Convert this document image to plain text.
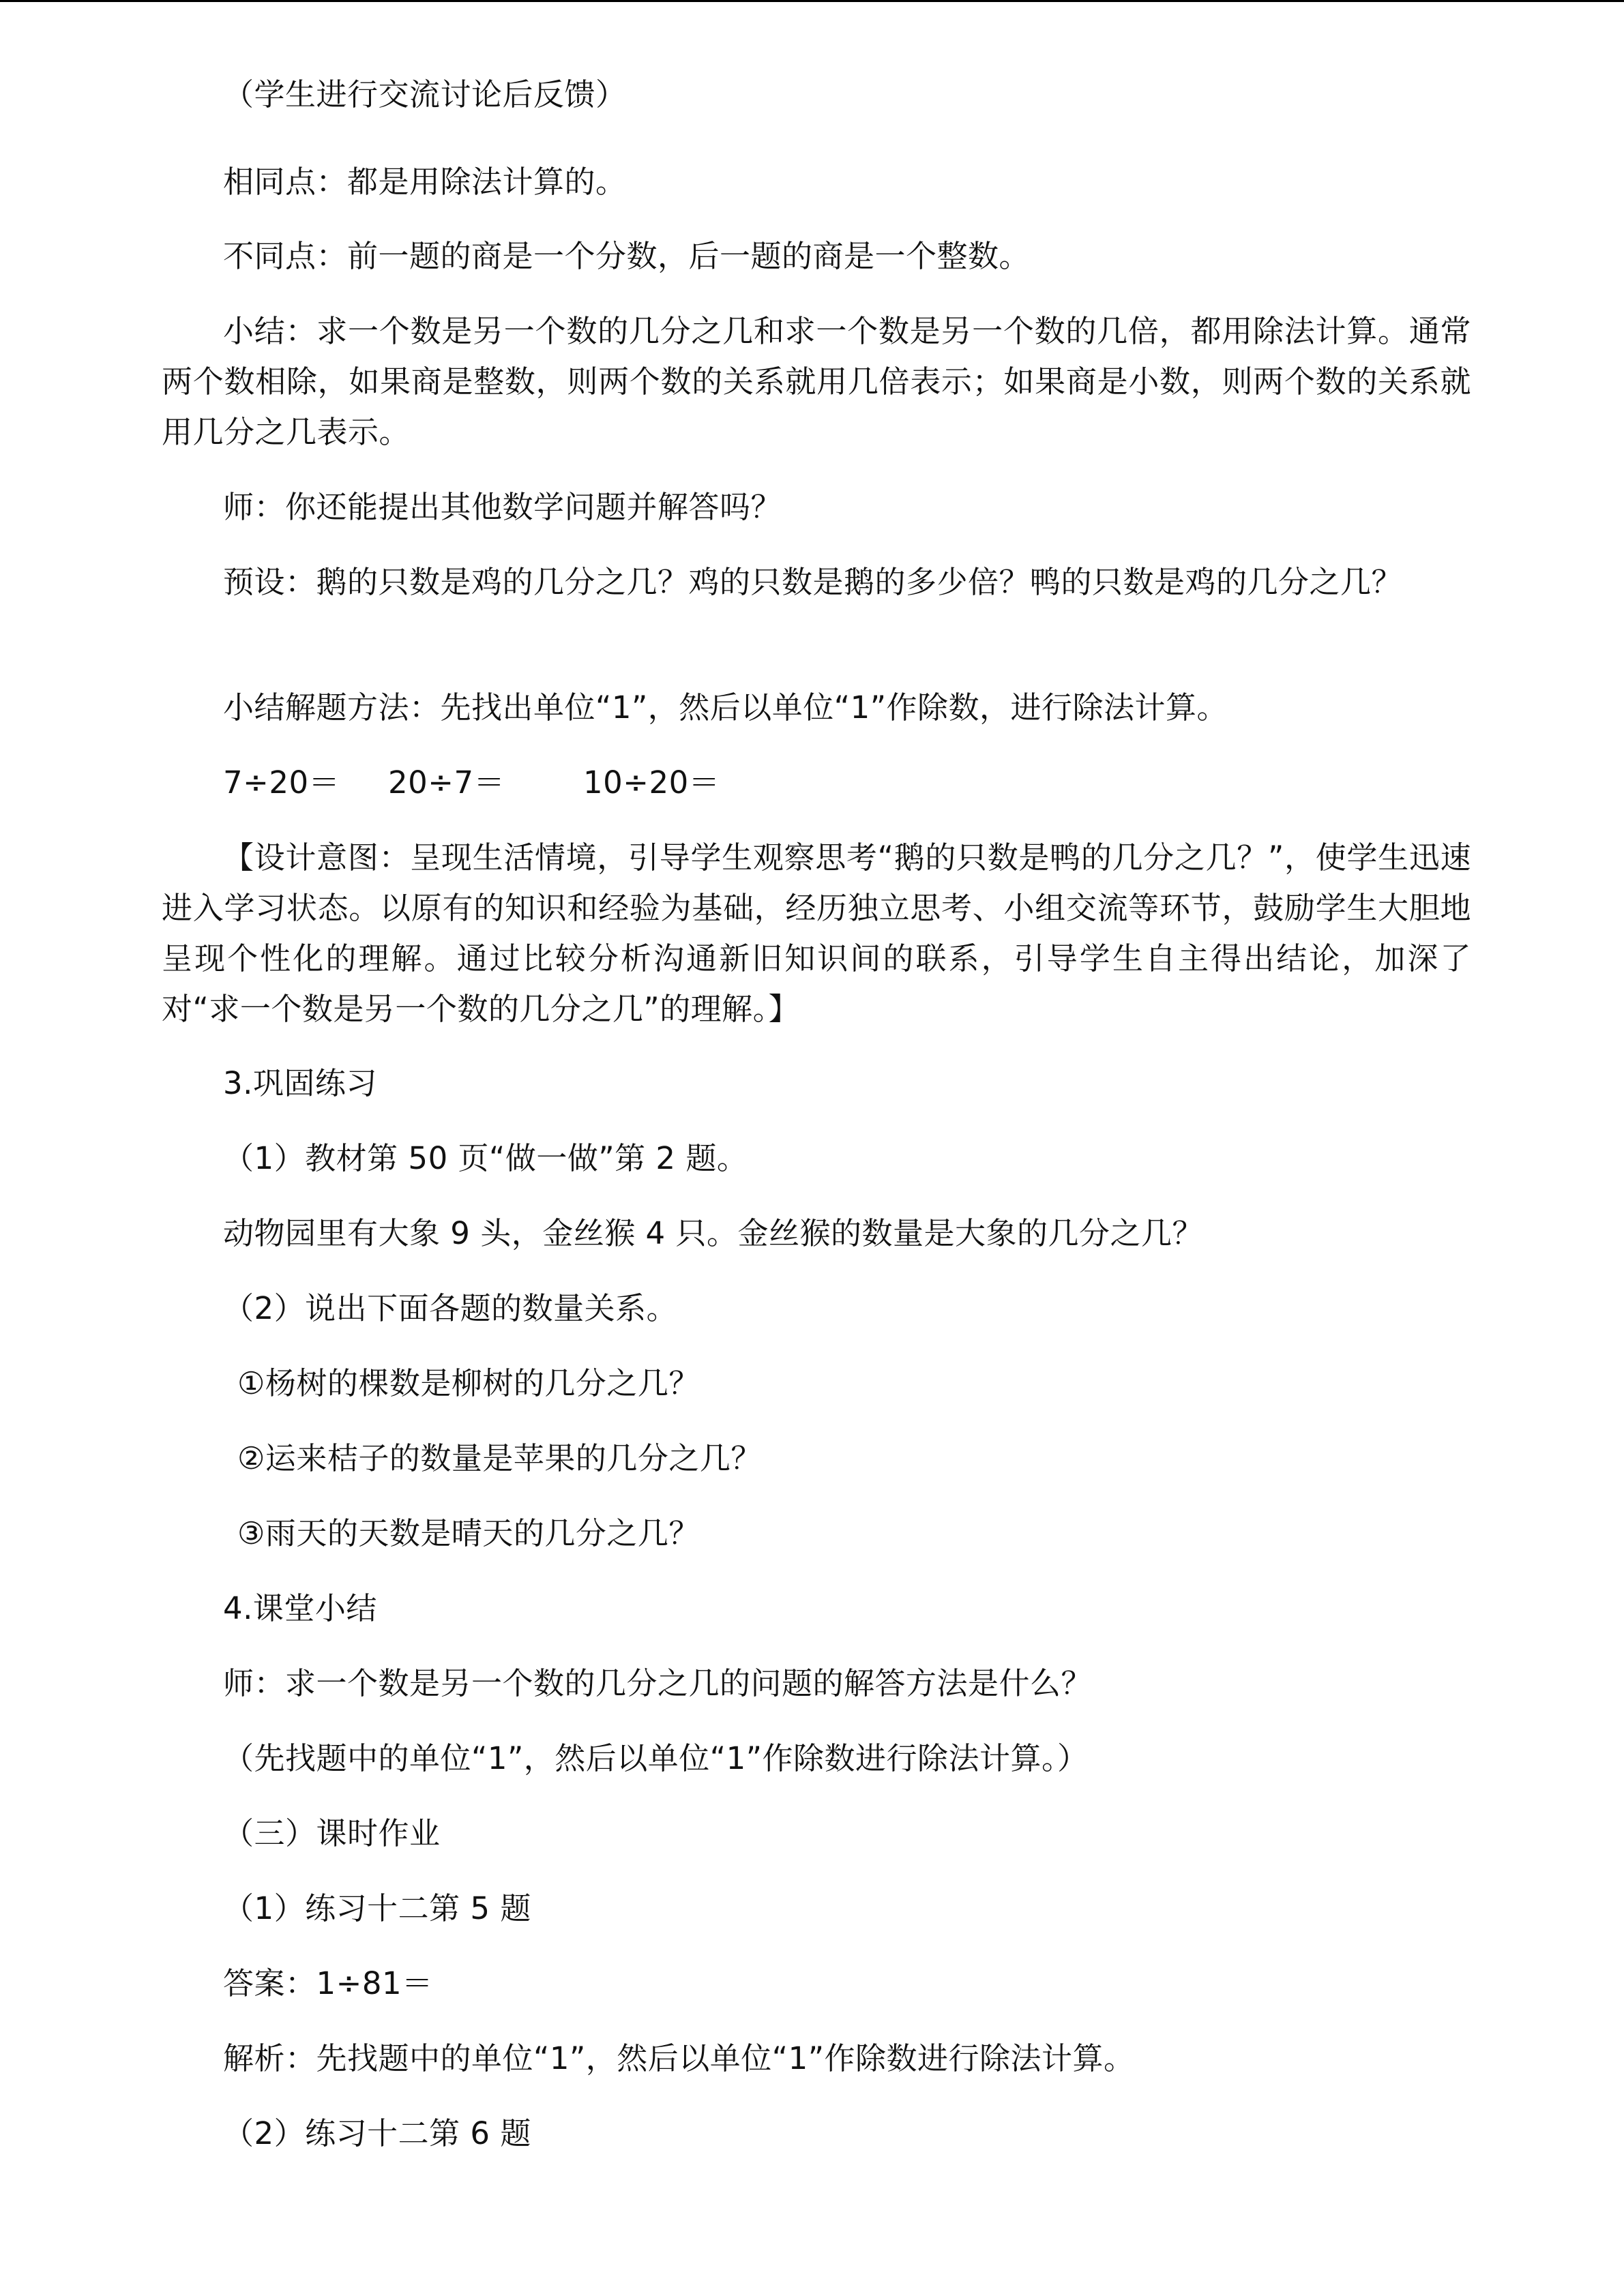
（学生进行交流讨论后反馈）
相同点：都是用除法计算的。
不同点：前一题的商是一个分数，后一题的商是一个整数。
小结：求一个数是另一个数的几分之几和求一个数是另一个数的几倍，都用除法计算。通常两个数相除，如果商是整数，则两个数的关系就用几倍表示；如果商是小数，则两个数的关系就用几分之几表示。
师：你还能提出其他数学问题并解答吗？
预设：鹅的只数是鸡的几分之几？鸡的只数是鹅的多少倍？鸭的只数是鸡的几分之几？
小结解题方法：先找出单位“1”，然后以单位“1”作除数，进行除法计算。
7÷20＝ 20÷7＝	10÷20＝
【设计意图：呈现生活情境，引导学生观察思考“鹅的只数是鸭的几分之几？”，使学生迅速进入学习状态。以原有的知识和经验为基础，经历独立思考、小组交流等环节，鼓励学生大胆地呈现个性化的理解。通过比较分析沟通新旧知识间的联系，引导学生自主得出结论，加深了对“求一个数是另一个数的几分之几”的理解。】
3.巩固练习
（1）教材第 50 页“做一做”第 2 题。
动物园里有大象 9 头，金丝猴 4 只。金丝猴的数量是大象的几分之几？
（2）说出下面各题的数量关系。
①杨树的棵数是柳树的几分之几？
②运来桔子的数量是苹果的几分之几？
③雨天的天数是晴天的几分之几？
4.课堂小结
师：求一个数是另一个数的几分之几的问题的解答方法是什么？
（先找题中的单位“1”，然后以单位“1”作除数进行除法计算。）
（三）课时作业
（1）练习十二第 5 题
答案：1÷81＝
解析：先找题中的单位“1”，然后以单位“1”作除数进行除法计算。
（2）练习十二第 6 题
